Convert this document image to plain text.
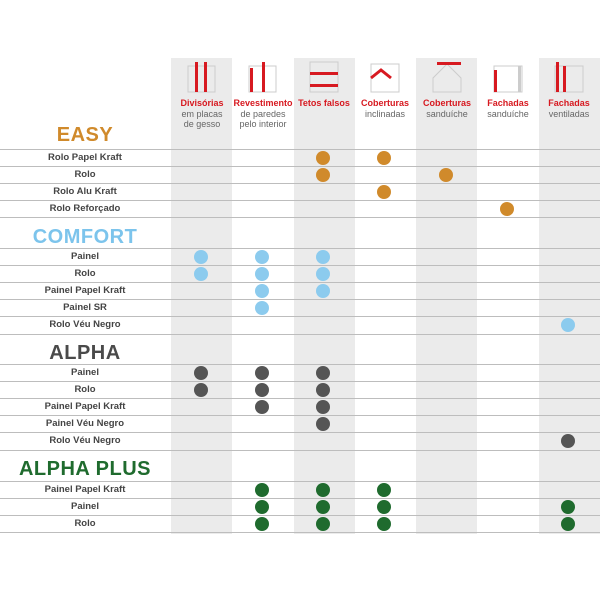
Divisórias
em placas
de gesso
Revestimento
de paredes
pelo interior
Tetos falsos	Coberturas
inclinadas
Coberturas
sanduíche
Fachadas
sanduíche
Fachadas
ventiladas
EASY
Rolo Papel Kraft
Rolo
Rolo Alu Kraft
Rolo Reforçado
COMFORT
Painel
Rolo
Painel Papel Kraft
Painel SR
Rolo Véu Negro
ALPHA
Painel
Rolo
Painel Papel Kraft
Painel Véu Negro
Rolo Véu Negro
ALPHA PLUS
Painel Papel Kraft
Painel
Rolo
